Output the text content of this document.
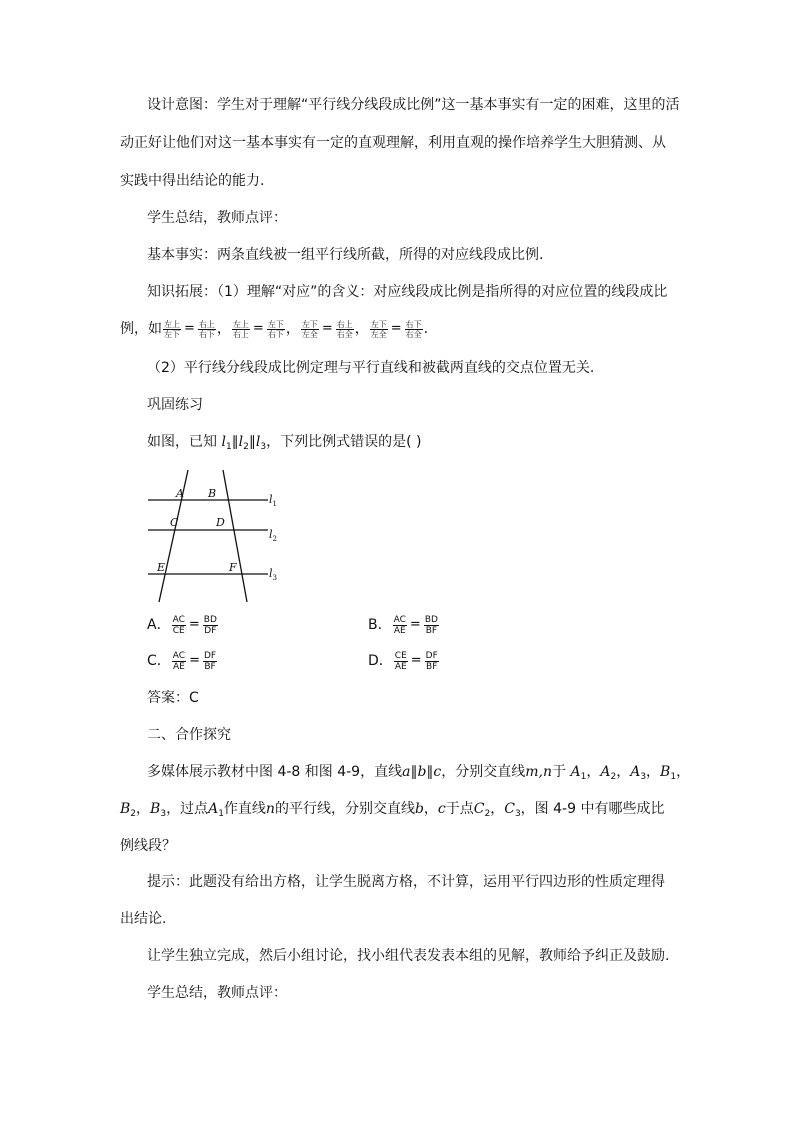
设计意图：学生对于理解“平行线分线段成比例”这一基本事实有一定的困难，这里的活
动正好让他们对这一基本事实有一定的直观理解，利用直观的操作培养学生大胆猜测、从
实践中得出结论的能力.
学生总结，教师点评：
基本事实：两条直线被一组平行线所截，所得的对应线段成比例.
知识拓展：（1）理解“对应”的含义：对应线段成比例是指所得的对应位置的线段成比
例，如 $\frac{\text{左上}}{\text{左下}} = \frac{\text{右上}}{\text{右下}}$ ， $\frac{\text{左上}}{\text{右上}} = \frac{\text{左下}}{\text{右下}}$ ， $\frac{\text{左下}}{\text{左全}} = \frac{\text{右上}}{\text{右全}}$ ， $\frac{\text{左下}}{\text{左全}} = \frac{\text{右下}}{\text{右全}}$ .
（2）平行线分线段成比例定理与平行直线和被截两直线的交点位置无关.
巩固练习
如图，已知 $l_1\parallel l_2\parallel l_3$，下列比例式错误的是( )
A B
C	D
E	F
$l_1$
$l_2$
$l_3$
A． $\frac{AC}{CE} = \frac{BD}{DF}$	B． $\frac{AC}{AE} = \frac{BD}{BF}$
C． $\frac{AC}{AE} = \frac{DF}{BF}$	D． $\frac{CE}{AE} = \frac{DF}{BF}$
答案：C
二、合作探究
多媒体展示教材中图 4-8 和图 4-9，直线a∥b∥c，分别交直线m,n于 $A_1$，$A_2$，$A_3$，$B_1$，
$B_2$，$B_3$，过点$A_1$作直线n的平行线，分别交直线b，c于点$C_2$，$C_3$，图 4-9 中有哪些成比
例线段？
提示：此题没有给出方格，让学生脱离方格，不计算，运用平行四边形的性质定理得
出结论.
让学生独立完成，然后小组讨论，找小组代表发表本组的见解，教师给予纠正及鼓励.
学生总结，教师点评：
